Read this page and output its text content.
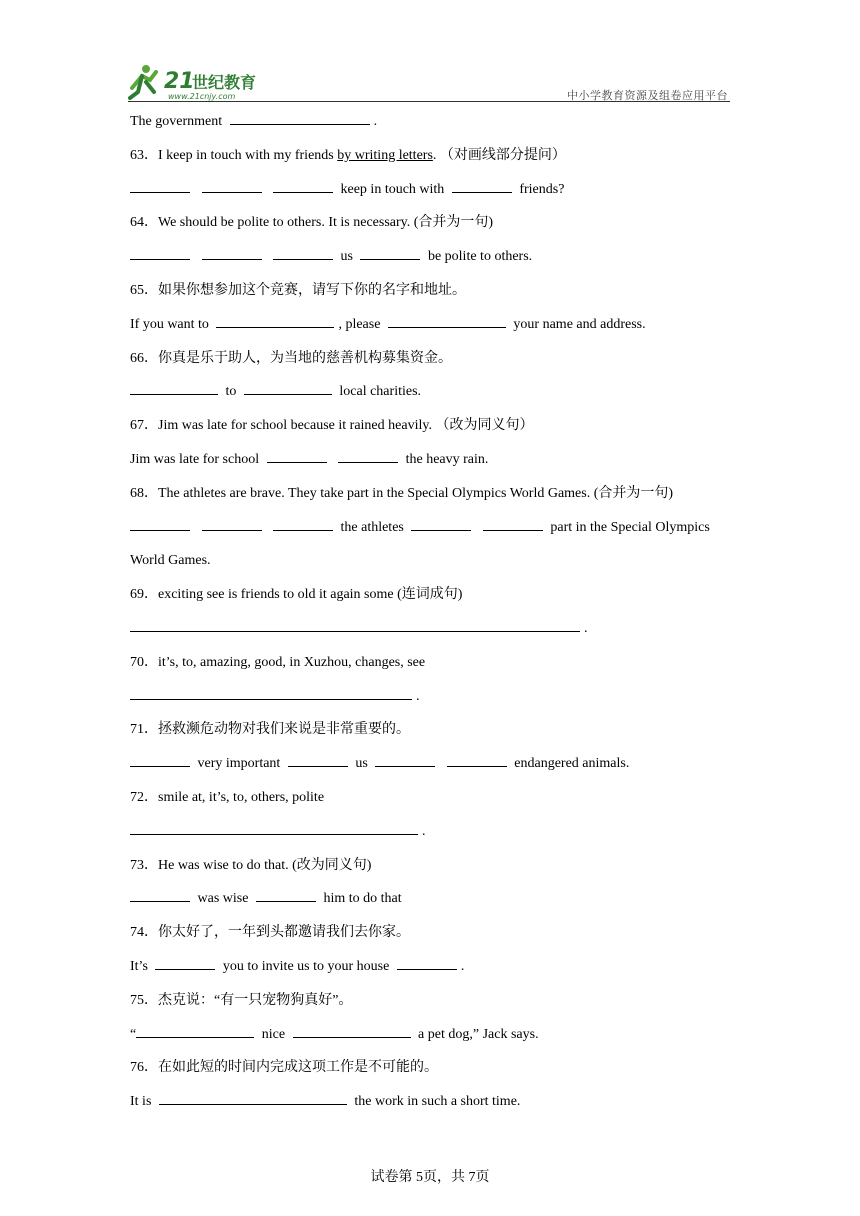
21
世纪教育
www.21cnjy.com	中小学教育资源及组卷应用平台
The government	.
63．I keep in touch with my friends by writing letters. （对画线部分提问）
keep in touch with	friends?
64．We should be polite to others. It is necessary. (合并为一句)
us	be polite to others.
65．如果你想参加这个竞赛，请写下你的名字和地址。
If you want to	, please	your name and address.
66．你真是乐于助人，为当地的慈善机构募集资金。
to	local charities.
67．Jim was late for school because it rained heavily. （改为同义句）
Jim was late for school	the heavy rain.
68．The athletes are brave. They take part in the Special Olympics World Games. (合并为一句)
the athletes	part in the Special Olympics
World Games.
69．exciting see is friends to old it again some (连词成句)
.
70．it’s, to, amazing, good, in Xuzhou, changes, see
.
71．拯救濒危动物对我们来说是非常重要的。
very important	us	endangered animals.
72．smile at, it’s, to, others, polite
.
73．He was wise to do that. (改为同义句)
was wise	him to do that
74．你太好了，一年到头都邀请我们去你家。
It’s	you to invite us to your house	.
75．杰克说：“有一只宠物狗真好”。
“	nice	a pet dog,” Jack says.
76．在如此短的时间内完成这项工作是不可能的。
It is	the work in such a short time.
试卷第 5页，共 7页
